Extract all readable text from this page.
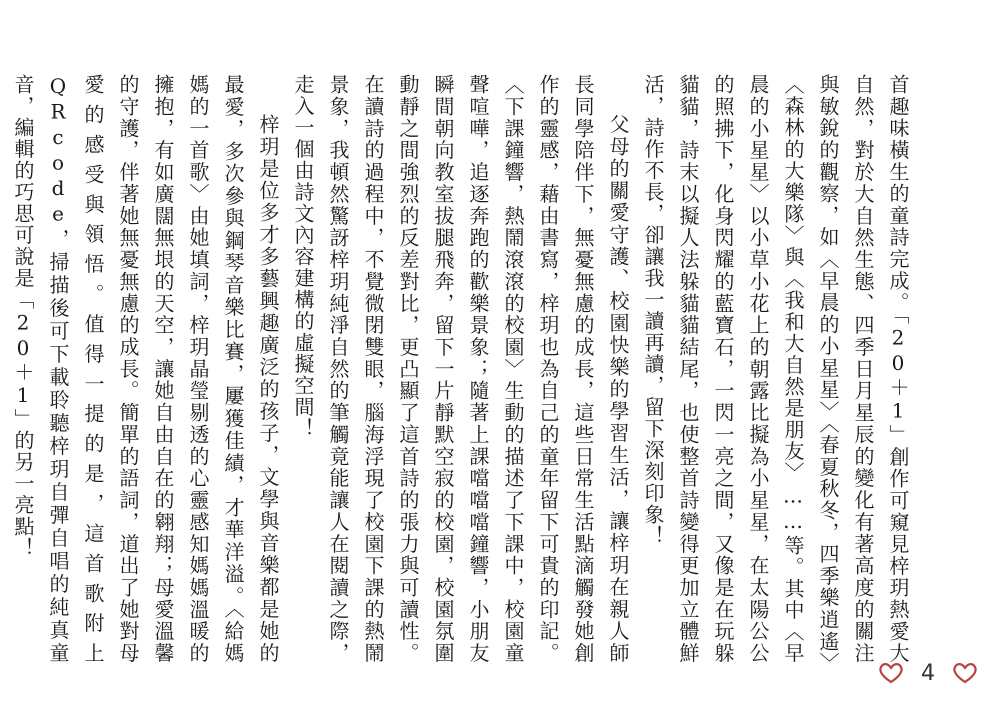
首趣味橫生的童詩完成。「20＋1」創作可窺見梓玥熱愛大自然，對於大自然生態、四季日月星辰的變化有著高度的關注與敏銳的觀察，如〈早晨的小星星〉〈春夏秋冬，四季樂逍遙〉〈森林的大樂隊〉與〈我和大自然是朋友〉……等。其中〈早晨的小星星〉以小草小花上的朝露比擬為小星星，在太陽公公的照拂下，化身閃耀的藍寶石，一閃一亮之間，又像是在玩躲貓貓，詩末以擬人法躲貓貓結尾，也使整首詩變得更加立體鮮活，詩作不長，卻讓我一讀再讀，留下深刻印象！

父母的關愛守護、校園快樂的學習生活，讓梓玥在親人師長同學陪伴下，無憂無慮的成長，這些日常生活點滴觸發她創作的靈感，藉由書寫，梓玥也為自己的童年留下可貴的印記。〈下課鐘響，熱鬧滾滾的校園〉生動的描述了下課中，校園童聲喧嘩，追逐奔跑的歡樂景象；隨著上課噹噹噹鐘響，小朋友瞬間朝向教室拔腿飛奔，留下一片靜默空寂的校園，校園氛圍動靜之間強烈的反差對比，更凸顯了這首詩的張力與可讀性。在讀詩的過程中，不覺微閉雙眼，腦海浮現了校園下課的熱鬧景象，我頓然驚訝梓玥純淨自然的筆觸竟能讓人在閱讀之際，走入一個由詩文內容建構的虛擬空間！

梓玥是位多才多藝興趣廣泛的孩子，文學與音樂都是她的最愛，多次參與鋼琴音樂比賽，屢獲佳績，才華洋溢。〈給媽媽的一首歌〉由她填詞，梓玥晶瑩剔透的心靈感知媽媽溫暖的擁抱，有如廣闊無垠的天空，讓她自由自在的翱翔；母愛溫馨的守護，伴著她無憂無慮的成長。簡單的語詞，道出了她對母愛的感受與領悟。值得一提的是，這首歌附上QRcode，掃描後可下載聆聽梓玥自彈自唱的純真童音，編輯的巧思可說是「20＋1」的另一亮點！

4
